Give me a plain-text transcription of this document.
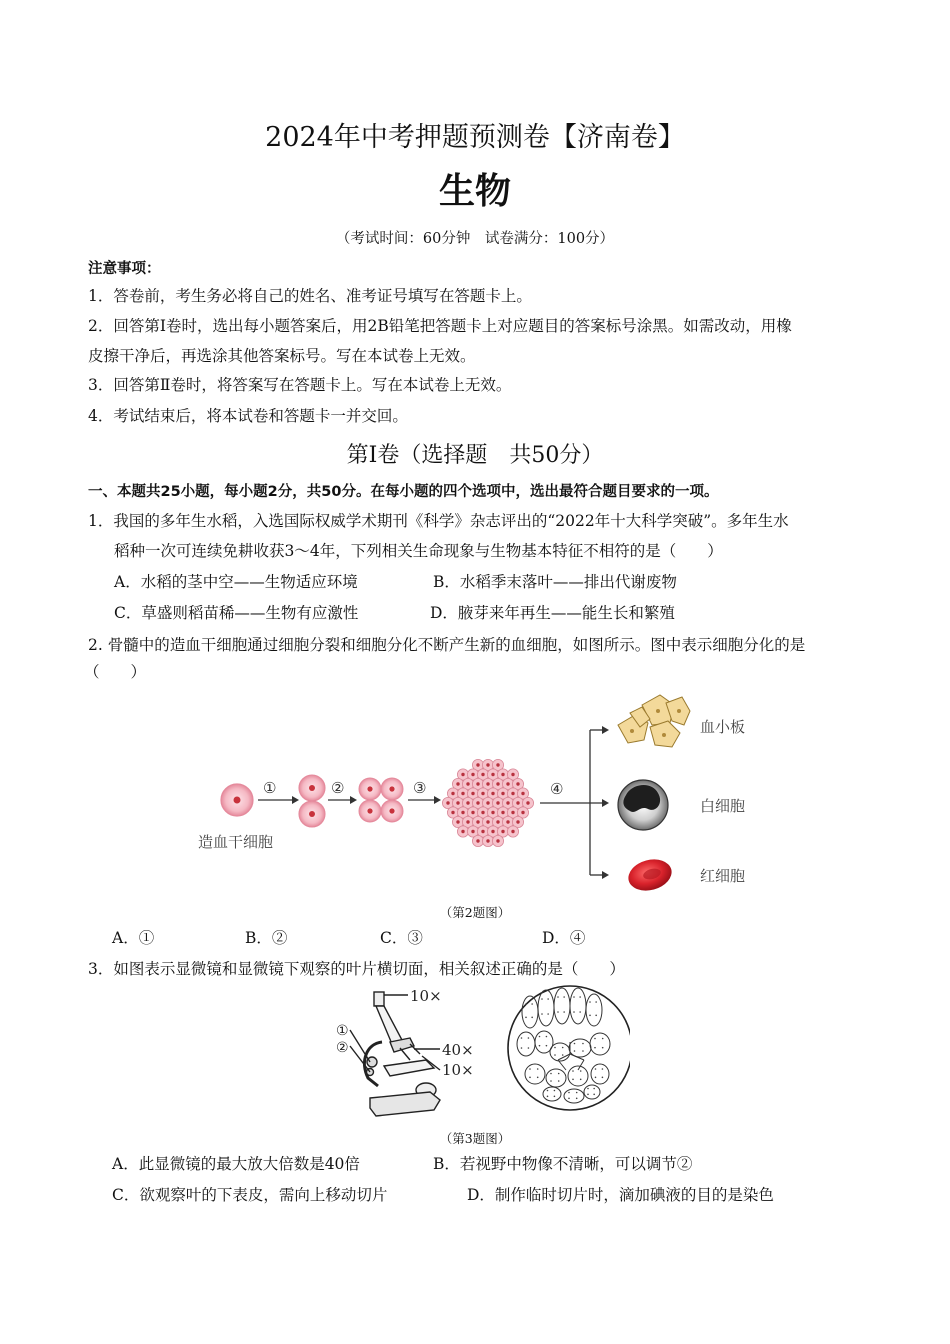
2024年中考押题预测卷【济南卷】
生物
（考试时间：60分钟　试卷满分：100分）
注意事项：
1．答卷前，考生务必将自己的姓名、准考证号填写在答题卡上。
2．回答第Ⅰ卷时，选出每小题答案后，用2B铅笔把答题卡上对应题目的答案标号涂黑。如需改动，用橡
皮擦干净后，再选涂其他答案标号。写在本试卷上无效。
3．回答第Ⅱ卷时，将答案写在答题卡上。写在本试卷上无效。
4．考试结束后，将本试卷和答题卡一并交回。
第Ⅰ卷（选择题　共50分）
一、本题共25小题，每小题2分，共50分。在每小题的四个选项中，选出最符合题目要求的一项。
1．我国的多年生水稻，入选国际权威学术期刊《科学》杂志评出的“2022年十大科学突破”。多年生水
稻种一次可连续免耕收获3～4年，下列相关生命现象与生物基本特征不相符的是（　　）
A．水稻的茎中空——生物适应环境	B．水稻季末落叶——排出代谢废物
C．草盛则稻苗稀——生物有应激性	D．腋芽来年再生——能生长和繁殖
2. 骨髓中的造血干细胞通过细胞分裂和细胞分化不断产生新的血细胞，如图所示。图中表示细胞分化的是
（　　）
造血干细胞
①	②	③	④
血小板
白细胞
红细胞
（第2题图）
A．①	B．②	C．③	D．④
3．如图表示显微镜和显微镜下观察的叶片横切面，相关叙述正确的是（　　）
10×
40×
10×
①
②
（第3题图）
A．此显微镜的最大放大倍数是40倍	B．若视野中物像不清晰，可以调节②
C．欲观察叶的下表皮，需向上移动切片	D．制作临时切片时，滴加碘液的目的是染色
